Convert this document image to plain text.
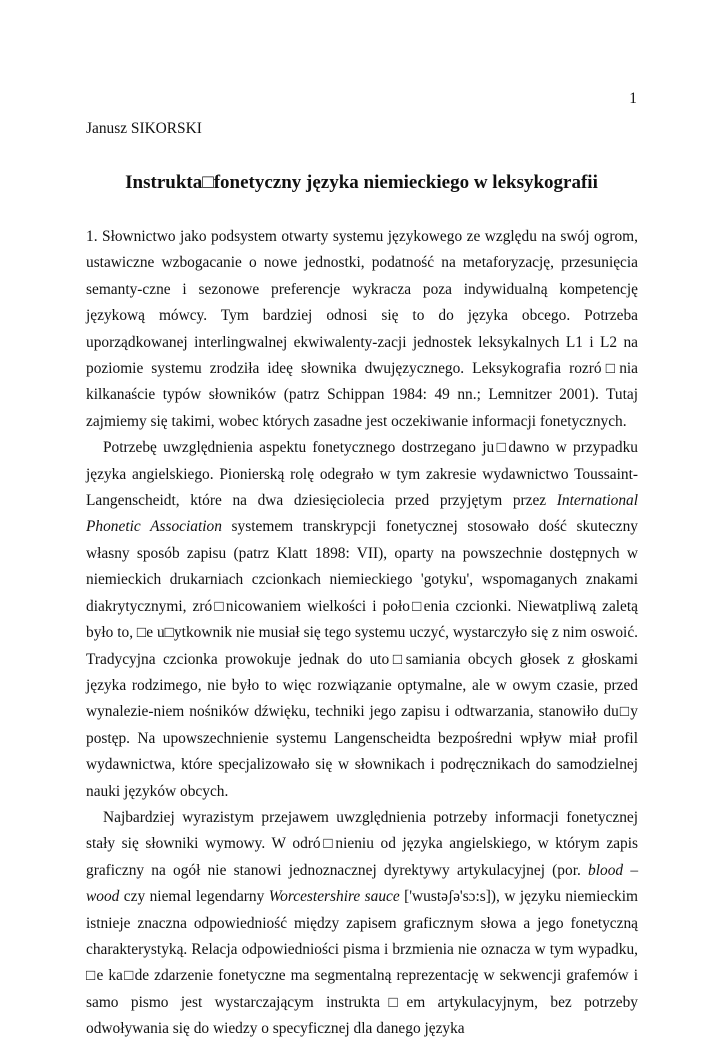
1
Janusz SIKORSKI
Instrukta□fonetyczny języka niemieckiego w leksykografii

1. Słownictwo jako podsystem otwarty systemu językowego ze względu na swój ogrom, ustawiczne wzbogacanie o nowe jednostki, podatność na metaforyzację, przesunięcia semanty-czne i sezonowe preferencje wykracza poza indywidualną kompetencję językową mówcy. Tym bardziej odnosi się to do języka obcego. Potrzeba uporządkowanej interlingwalnej ekwiwalenty-zacji jednostek leksykalnych L1 i L2 na poziomie systemu zrodziła ideę słownika dwujęzycznego. Leksykografia rozró□nia kilkanaście typów słowników (patrz Schippan 1984: 49 nn.; Lemnitzer 2001). Tutaj zajmiemy się takimi, wobec których zasadne jest oczekiwanie informacji fonetycznych.

Potrzebę uwzględnienia aspektu fonetycznego dostrzegano ju□dawno w przypadku języka angielskiego. Pionierską rolę odegrało w tym zakresie wydawnictwo Toussaint-Langenscheidt, które na dwa dziesięciolecia przed przyjętym przez International Phonetic Association systemem transkrypcji fonetycznej stosowało dość skuteczny własny sposób zapisu (patrz Klatt 1898: VII), oparty na powszechnie dostępnych w niemieckich drukarniach czcionkach niemieckiego 'gotyku', wspomaganych znakami diakrytycznymi, zró□nicowaniem wielkości i poło□enia czcionki. Niewatpliwą zaletą było to, □e u□ytkownik nie musiał się tego systemu uczyć, wystarczyło się z nim oswoić. Tradycyjna czcionka prowokuje jednak do uto□samiania obcych głosek z głoskami języka rodzimego, nie było to więc rozwiązanie optymalne, ale w owym czasie, przed wynalezie-niem nośników dźwięku, techniki jego zapisu i odtwarzania, stanowiło du□y postęp. Na upowszechnienie systemu Langenscheidta bezpośredni wpływ miał profil wydawnictwa, które specjalizowało się w słownikach i podręcznikach do samodzielnej nauki języków obcych.

Najbardziej wyrazistym przejawem uwzględnienia potrzeby informacji fonetycznej stały się słowniki wymowy. W odró□nieniu od języka angielskiego, w którym zapis graficzny na ogół nie stanowi jednoznacznej dyrektywy artykulacyjnej (por. blood – wood czy niemal legendarny Worcestershire sauce ['wustəʃə'sɔ:s]), w języku niemieckim istnieje znaczna odpowiedniość między zapisem graficznym słowa a jego fonetyczną charakterystyką. Relacja odpowiedniości pisma i brzmienia nie oznacza w tym wypadku, □e ka□de zdarzenie fonetyczne ma segmentalną reprezentację w sekwencji grafemów i samo pismo jest wystarczającym instrukta□em artykulacyjnym, bez potrzeby odwoływania się do wiedzy o specyficznej dla danego języka
